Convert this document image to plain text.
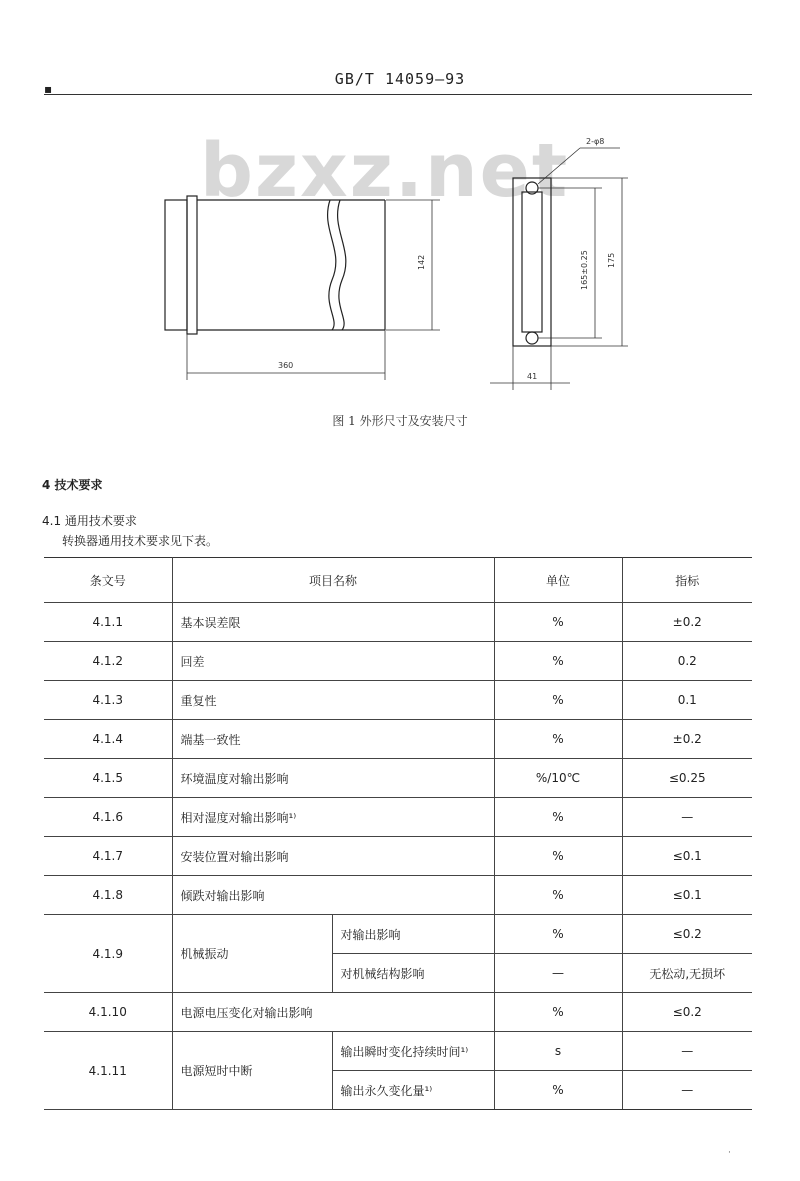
▪
GB/T 14059—93
bzxz.net
142
360
2-φ8
165±0.25 175
41
图 1 外形尺寸及安装尺寸
4 技术要求
4.1 通用技术要求
转换器通用技术要求见下表。
条文号	项目名称		单位	指标
4.1.1	基本误差限		%	±0.2
4.1.2	回差		%	0.2
4.1.3	重复性		%	0.1
4.1.4	端基一致性		%	±0.2
4.1.5	环境温度对输出影响		%/10℃	≤0.25
4.1.6	相对湿度对输出影响¹⁾		%	—
4.1.7	安装位置对输出影响		%	≤0.1
4.1.8	倾跌对输出影响		%	≤0.1
4.1.9	机械振动	对输出影响	%	≤0.2
		对机械结构影响	—	无松动,无损坏
4.1.10	电源电压变化对输出影响		%	≤0.2
4.1.11	电源短时中断	输出瞬时变化持续时间¹⁾	s	—
		输出永久变化量¹⁾	%	—
·
